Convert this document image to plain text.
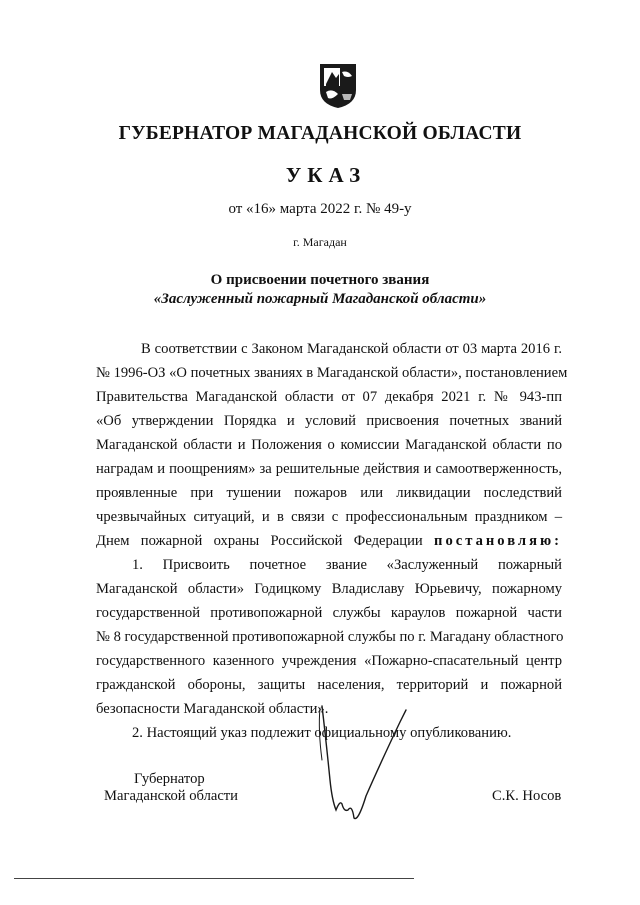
ГУБЕРНАТОР МАГАДАНСКОЙ ОБЛАСТИ
УКАЗ
от «16» марта 2022 г. № 49-у
г. Магадан
О присвоении почетного звания
«Заслуженный пожарный Магаданской области»
В соответствии с Законом Магаданской области от 03 марта 2016 г.
№ 1996-ОЗ «О почетных званиях в Магаданской области», постановлением
Правительства Магаданской области от 07 декабря 2021 г. № 943-пп
«Об утверждении Порядка и условий присвоения почетных званий
Магаданской области и Положения о комиссии Магаданской области по
наградам и поощрениям» за решительные действия и самоотверженность,
проявленные при тушении пожаров или ликвидации последствий
чрезвычайных ситуаций, и в связи с профессиональным праздником –
Днем пожарной охраны Российской Федерации постановляю:
1. Присвоить почетное звание «Заслуженный пожарный
Магаданской области» Годицкому Владиславу Юрьевичу, пожарному
государственной противопожарной службы караулов пожарной части
№ 8 государственной противопожарной службы по г. Магадану областного
государственного казенного учреждения «Пожарно-спасательный центр
гражданской обороны, защиты населения, территорий и пожарной
безопасности Магаданской области».
2. Настоящий указ подлежит официальному опубликованию.
Губернатор
Магаданской области	С.К. Носов
